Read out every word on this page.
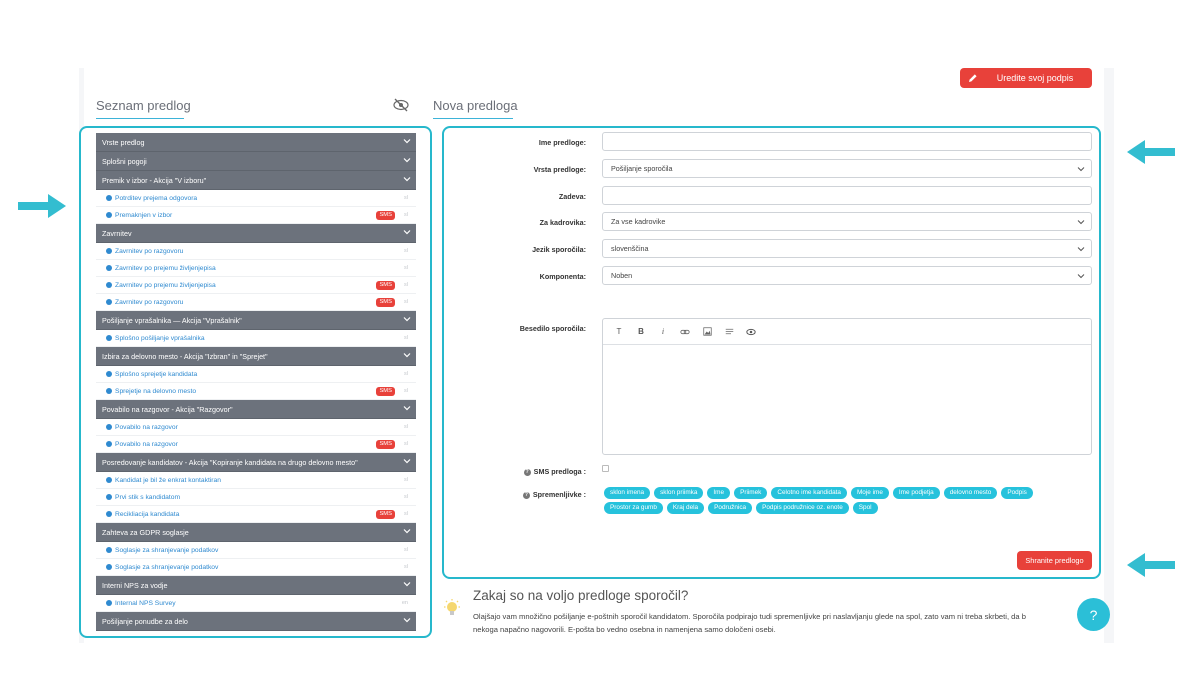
Uredite svoj podpis
Seznam predlog	Nova predloga
Vrste predlog
Splošni pogoji
Premik v izbor - Akcija "V izboru"
Potrditev prejema odgovora	sl
Premaknjen v izbor	SMS	sl
Zavrnitev
Zavrnitev po razgovoru	sl
Zavrnitev po prejemu življenjepisa	sl
Zavrnitev po prejemu življenjepisa	SMS	sl
Zavrnitev po razgovoru	SMS	sl
Pošiljanje vprašalnika — Akcija "Vprašalnik"
Splošno pošiljanje vprašalnika	sl
Izbira za delovno mesto - Akcija "Izbran" in "Sprejet"
Splošno sprejetje kandidata	sl
Sprejetje na delovno mesto	SMS	sl
Povabilo na razgovor - Akcija "Razgovor"
Povabilo na razgovor	sl
Povabilo na razgovor	SMS	sl
Posredovanje kandidatov - Akcija "Kopiranje kandidata na drugo delovno mesto"
Kandidat je bil že enkrat kontaktiran	sl
Prvi stik s kandidatom	sl
Recikliacija kandidata	SMS	sl
Zahteva za GDPR soglasje
Soglasje za shranjevanje podatkov	sl
Soglasje za shranjevanje podatkov	sl
Interni NPS za vodje
Internal NPS Survey	en
Pošiljanje ponudbe za delo
Ime predloge:
Vrsta predloge:	Pošiljanje sporočila
Zadeva:
Za kadrovika:	Za vse kadrovike
Jezik sporočila:	slovenščina
Komponenta:	Noben
Besedilo sporočila:	T	B	i
? SMS predloga :
? Spremenljivke :	sklon imena	sklon priimka	Ime	Priimek	Celotno ime kandidata	Moje ime	Ime podjetja	delovno mesto	Podpis
Prostor za gumb	Kraj dela	Podružnica	Podpis podružnice oz. enote	Spol
Shranite predlogo
Zakaj so na voljo predloge sporočil?
Olajšajo vam množično pošiljanje e-poštnih sporočil kandidatom. Sporočila podpirajo tudi spremenljivke pri naslavljanju glede na spol, zato vam ni treba skrbeti, da b
nekoga napačno nagovorili. E-pošta bo vedno osebna in namenjena samo določeni osebi.
?
